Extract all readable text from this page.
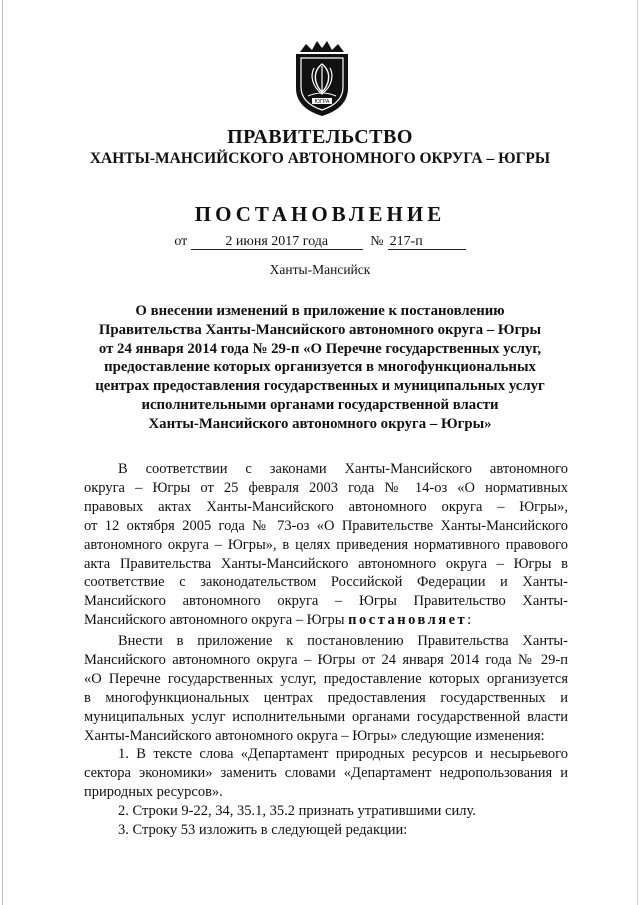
ЮГРА
ПРАВИТЕЛЬСТВО
ХАНТЫ-МАНСИЙСКОГО АВТОНОМНОГО ОКРУГА – ЮГРЫ
ПОСТАНОВЛЕНИЕ
от	2 июня 2017 года	№ 217-п
Ханты-Мансийск
О внесении изменений в приложение к постановлению
Правительства Ханты-Мансийского автономного округа – Югры
от 24 января 2014 года № 29-п «О Перечне государственных услуг,
предоставление которых организуется в многофункциональных
центрах предоставления государственных и муниципальных услуг
исполнительными органами государственной власти
Ханты-Мансийского автономного округа – Югры»
В соответствии с законами Ханты-Мансийского автономного
округа – Югры от 25 февраля 2003 года № 14-оз «О нормативных
правовых актах Ханты-Мансийского автономного округа – Югры»,
от 12 октября 2005 года № 73-оз «О Правительстве Ханты-Мансийского
автономного округа – Югры», в целях приведения нормативного правового
акта Правительства Ханты-Мансийского автономного округа – Югры в
соответствие с законодательством Российской Федерации и Ханты-
Мансийского автономного округа – Югры Правительство Ханты-
Мансийского автономного округа – Югры постановляет:
Внести в приложение к постановлению Правительства Ханты-
Мансийского автономного округа – Югры от 24 января 2014 года № 29-п
«О Перечне государственных услуг, предоставление которых организуется
в многофункциональных центрах предоставления государственных и
муниципальных услуг исполнительными органами государственной власти
Ханты-Мансийского автономного округа – Югры» следующие изменения:
1. В тексте слова «Департамент природных ресурсов и несырьевого
сектора экономики» заменить словами «Департамент недропользования и
природных ресурсов».
2. Строки 9-22, 34, 35.1, 35.2 признать утратившими силу.
3. Строку 53 изложить в следующей редакции:
